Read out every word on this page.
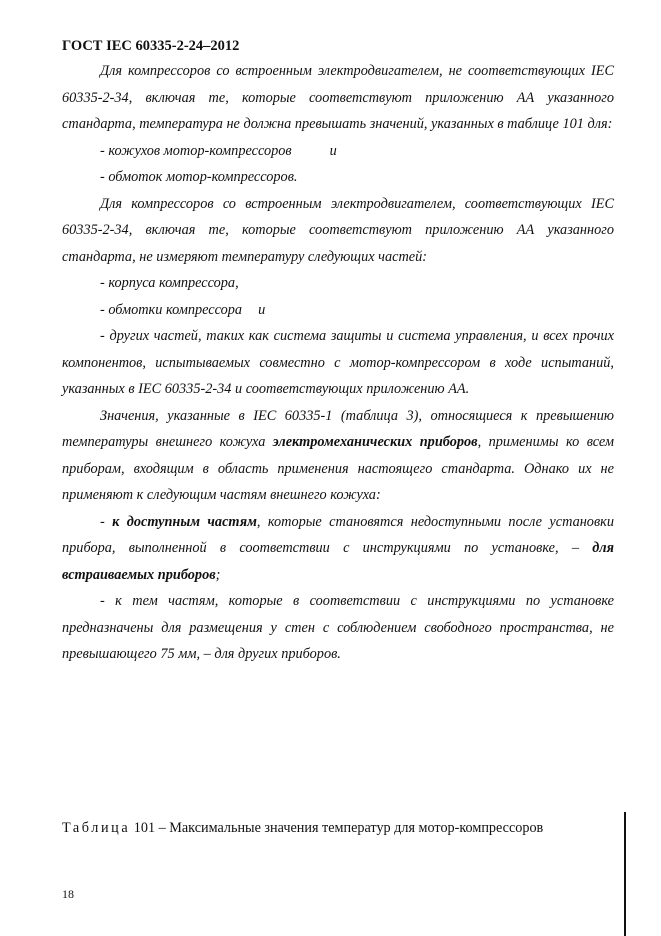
ГОСТ IEC 60335-2-24–2012

Для компрессоров со встроенным электродвигателем, не соответствующих IEC 60335-2-34, включая те, которые соответствуют приложению АА указанного стандарта, температура не должна превышать значений, указанных в таблице 101 для:

- кожухов мотор-компрессоров	и

- обмоток мотор-компрессоров.

Для компрессоров со встроенным электродвигателем, соответствующих IEC 60335-2-34, включая те, которые соответствуют приложению АА указанного стандарта, не измеряют температуру следующих частей:

- корпуса компрессора,

- обмотки компрессора и

- других частей, таких как система защиты и система управления, и всех прочих компонентов, испытываемых совместно с мотор-компрессором в ходе испытаний, указанных в IEC 60335-2-34 и соответствующих приложению АА.

Значения, указанные в IEC 60335-1 (таблица 3), относящиеся к превышению температуры внешнего кожуха электромеханических приборов, применимы ко всем приборам, входящим в область применения настоящего стандарта. Однако их не применяют к следующим частям внешнего кожуха:

- к доступным частям, которые становятся недоступными после установки прибора, выполненной в соответствии с инструкциями по установке, – для встраиваемых приборов;

- к тем частям, которые в соответствии с инструкциями по установке предназначены для размещения у стен с соблюдением свободного пространства, не превышающего 75 мм, – для других приборов.

Таблица 101 – Максимальные значения температур для мотор-компрессоров
18
